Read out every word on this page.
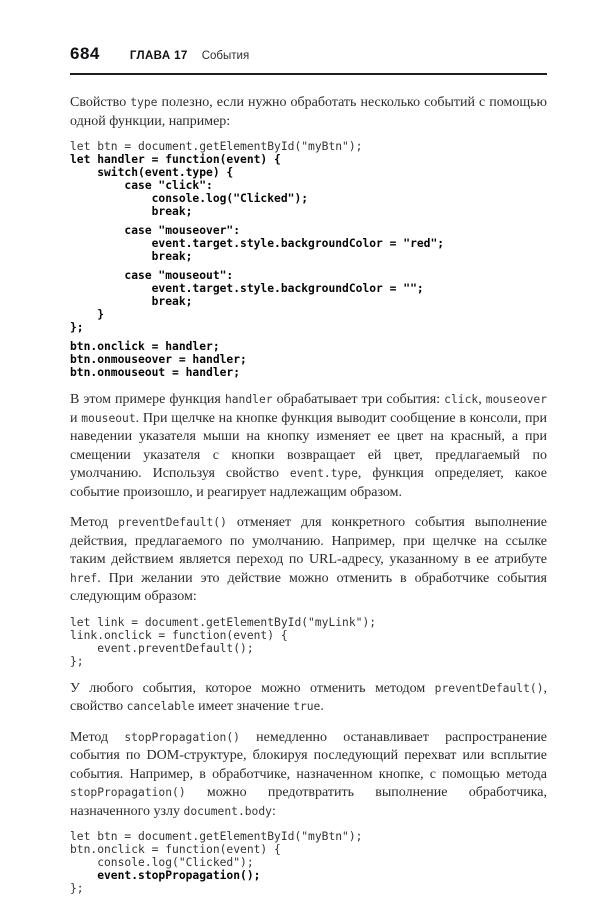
684	ГЛАВА 17 События

Свойство type полезно, если нужно обработать несколько событий с помощью одной функции, например:

let btn = document.getElementById("myBtn");
let handler = function(event) {
switch(event.type) {
case "click":
console.log("Clicked");
break;
case "mouseover":
event.target.style.backgroundColor = "red";
break;
case "mouseout":
event.target.style.backgroundColor = "";
break;
}
};
btn.onclick = handler;
btn.onmouseover = handler;
btn.onmouseout = handler;

В этом примере функция handler обрабатывает три события: click, mouseover и mouseout. При щелчке на кнопке функция выводит сообщение в консоли, при наведении указателя мыши на кнопку изменяет ее цвет на красный, а при смещении указателя с кнопки возвращает ей цвет, предлагаемый по умолчанию. Используя свойство event.type, функция определяет, какое событие произошло, и реагирует надлежащим образом.

Метод preventDefault() отменяет для конкретного события выполнение действия, предлагаемого по умолчанию. Например, при щелчке на ссылке таким действием является переход по URL-адресу, указанному в ее атрибуте href. При желании это действие можно отменить в обработчике события следующим образом:

let link = document.getElementById("myLink");
link.onclick = function(event) {
event.preventDefault();
};

У любого события, которое можно отменить методом preventDefault(), свойство cancelable имеет значение true.

Метод stopPropagation() немедленно останавливает распространение события по DOM-структуре, блокируя последующий перехват или всплытие события. Например, в обработчике, назначенном кнопке, с помощью метода stopPropagation() можно предотвратить выполнение обработчика, назначенного узлу document.body:

let btn = document.getElementById("myBtn");
btn.onclick = function(event) {
console.log("Clicked");
event.stopPropagation();
};
